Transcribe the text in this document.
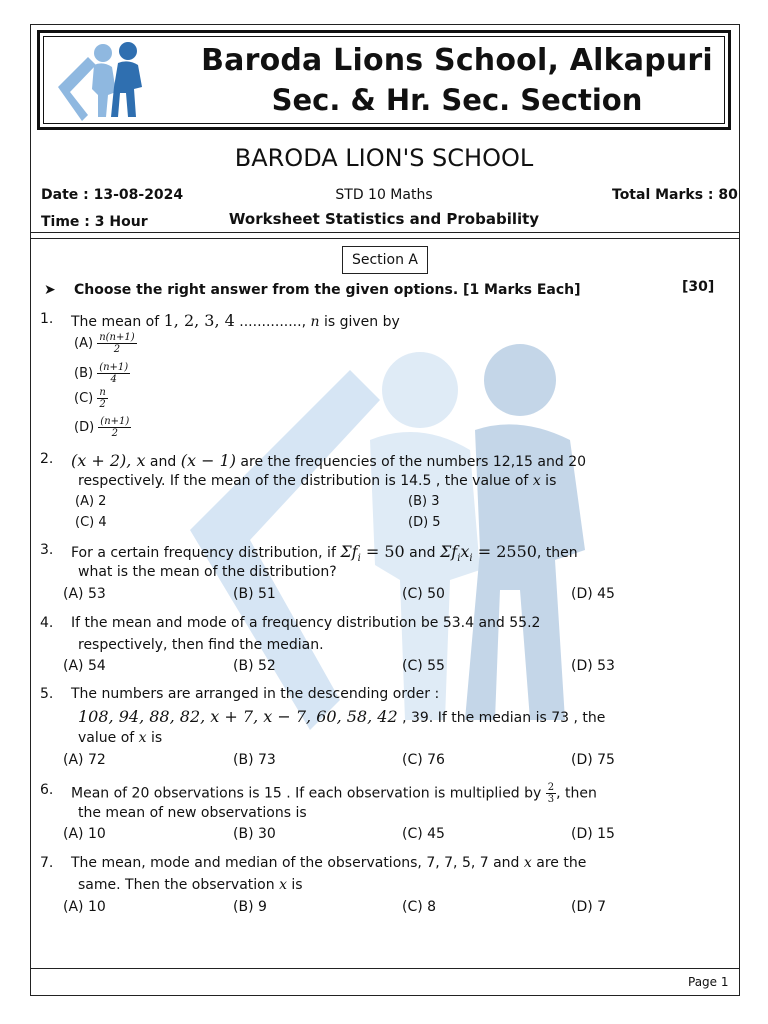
Baroda Lions School, Alkapuri
Sec. & Hr. Sec. Section
BARODA LION'S SCHOOL
Date : 13-08-2024	STD 10 Maths	Total Marks : 80
Time : 3 Hour	Worksheet Statistics and Probability
Section A
➤ Choose the right answer from the given options. [1 Marks Each]	[30]
1. The mean of 1, 2, 3, 4 .............., n is given by
$(A) \frac{n(n+1)}{2}$
$(B) \frac{(n+1)}{4}$
$(C) \frac{n}{2}$
$(D) \frac{(n+1)}{2}$
2. (x + 2), x and (x − 1) are the frequencies of the numbers 12,15 and 20
respectively. If the mean of the distribution is 14.5 , the value of x is
(A) 2	(B) 3
(C) 4	(D) 5
3. For a certain frequency distribution, if $\Sigma f_i = 50$ and $\Sigma f_ix_i = 2550$, then
what is the mean of the distribution?
(A) 53	(B) 51	(C) 50	(D) 45
4. If the mean and mode of a frequency distribution be 53.4 and 55.2
respectively, then find the median.
(A) 54	(B) 52	(C) 55	(D) 53
5. The numbers are arranged in the descending order :
108, 94, 88, 82, x + 7, x − 7, 60, 58, 42 , 39. If the median is 73 , the
value of x is
(A) 72	(B) 73	(C) 76	(D) 75
6. Mean of 20 observations is 15 . If each observation is multiplied by $\frac{2}{3}$ , then
the mean of new observations is
(A) 10	(B) 30	(C) 45	(D) 15
7. The mean, mode and median of the observations, 7, 7, 5, 7 and x are the
same. Then the observation x is
(A) 10	(B) 9	(C) 8	(D) 7
Page 1
